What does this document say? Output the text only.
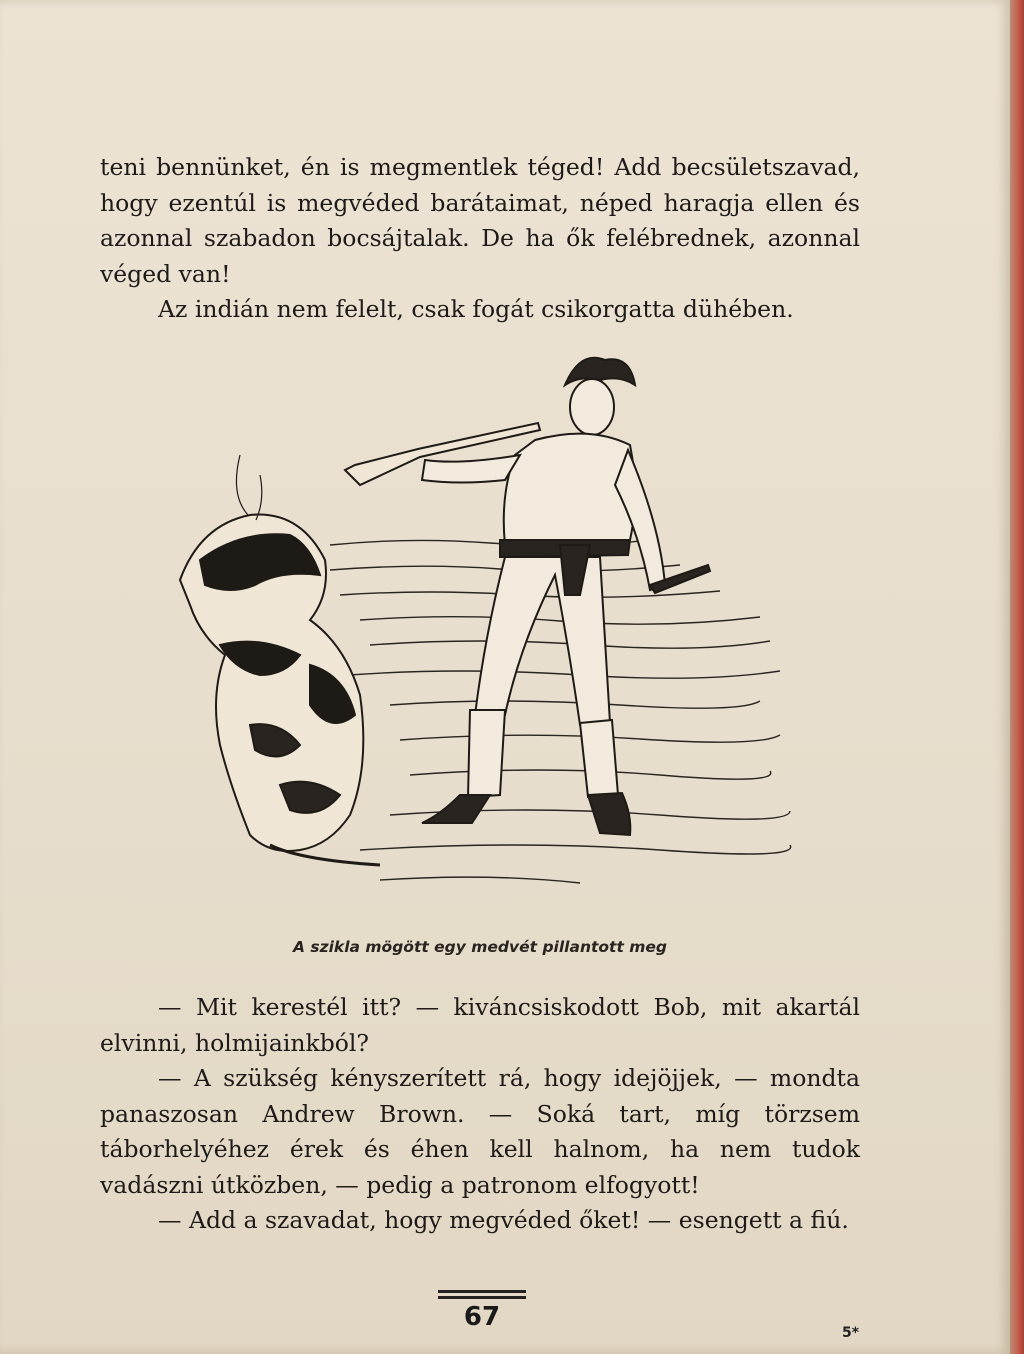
teni bennünket, én is megmentlek téged! Add becsületszavad, hogy ezentúl is megvéded barátaimat, néped haragja ellen és azonnal szabadon bocsájtalak. De ha ők felébrednek, azonnal véged van!

Az indián nem felelt, csak fogát csikorgatta dühében.

A szikla mögött egy medvét pillantott meg

— Mit kerestél itt? — kiváncsiskodott Bob, mit akartál elvinni, holmijainkból?

— A szükség kényszerített rá, hogy idejöjjek, — mondta panaszosan Andrew Brown. — Soká tart, míg törzsem táborhelyéhez érek és éhen kell halnom, ha nem tudok vadászni útközben, — pedig a patronom elfogyott!

— Add a szavadat, hogy megvéded őket! — esengett a fiú.

67
5*
